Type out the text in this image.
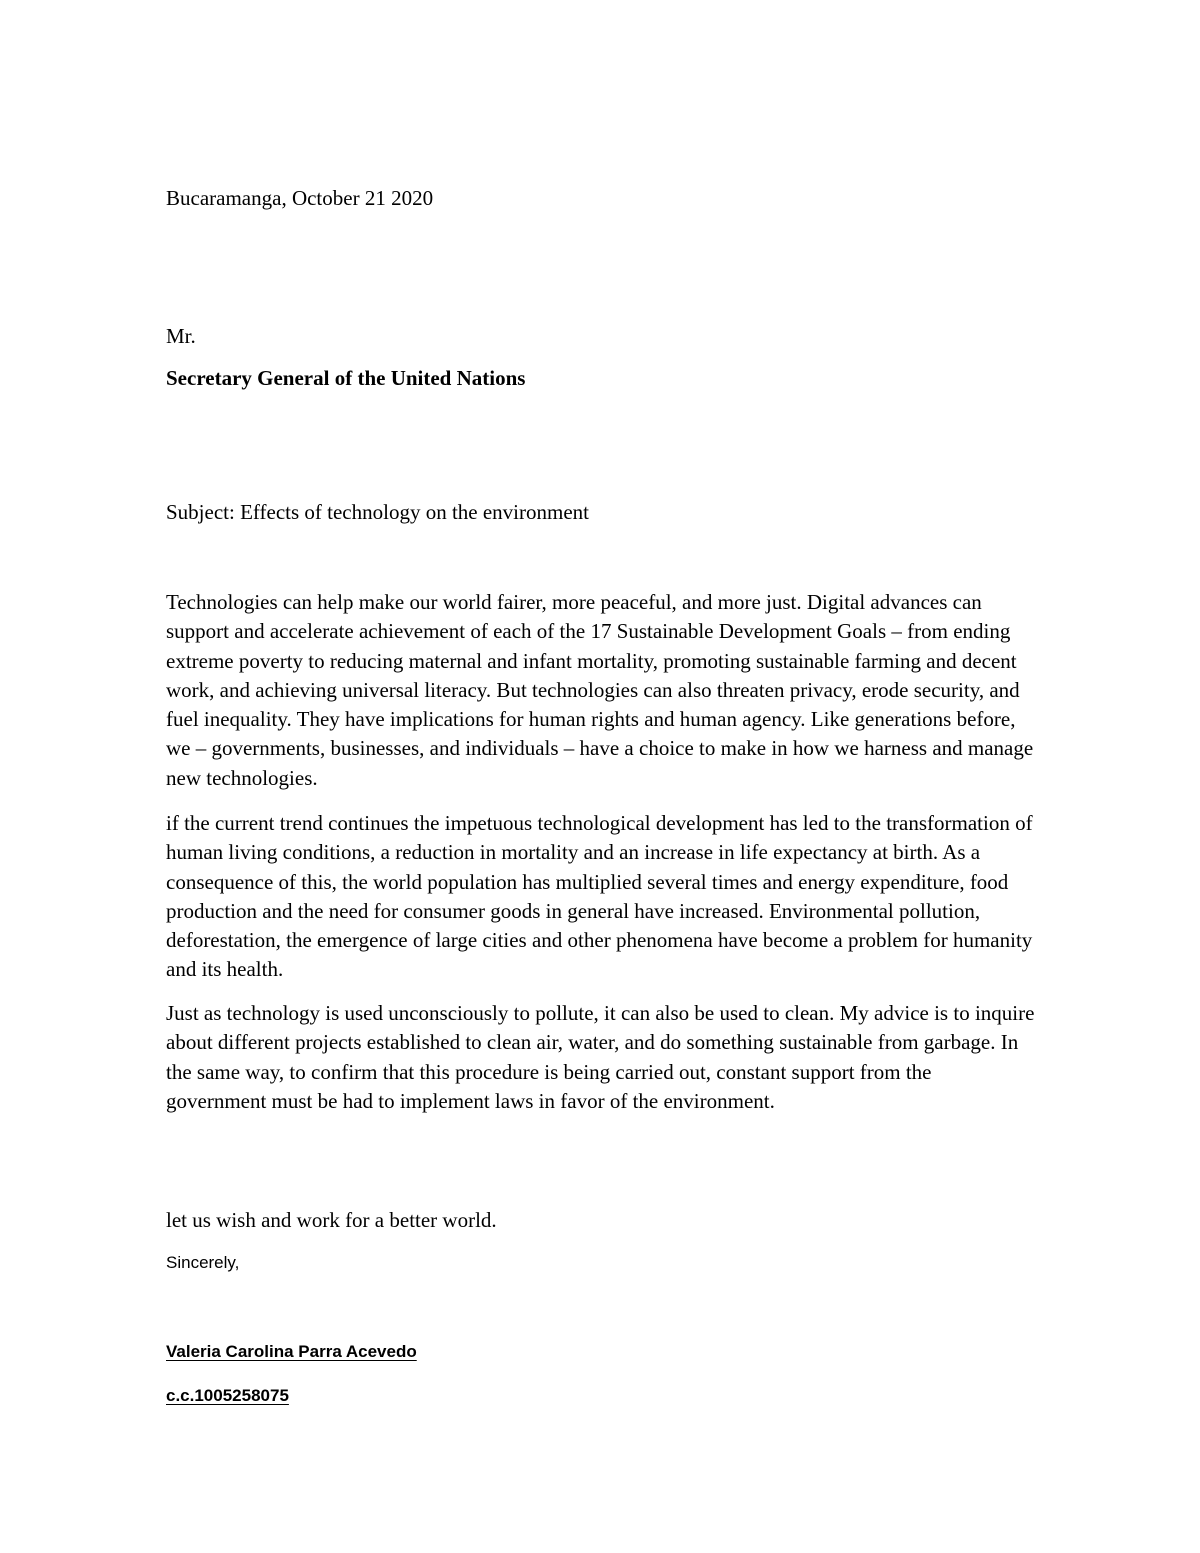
Bucaramanga, October 21 2020

Mr.

Secretary General of the United Nations

Subject: Effects of technology on the environment

Technologies can help make our world fairer, more peaceful, and more just. Digital advances can support and accelerate achievement of each of the 17 Sustainable Development Goals – from ending extreme poverty to reducing maternal and infant mortality, promoting sustainable farming and decent work, and achieving universal literacy. But technologies can also threaten privacy, erode security, and fuel inequality. They have implications for human rights and human agency. Like generations before, we – governments, businesses, and individuals – have a choice to make in how we harness and manage new technologies.

if the current trend continues the impetuous technological development has led to the transformation of human living conditions, a reduction in mortality and an increase in life expectancy at birth. As a consequence of this, the world population has multiplied several times and energy expenditure, food production and the need for consumer goods in general have increased. Environmental pollution, deforestation, the emergence of large cities and other phenomena have become a problem for humanity and its health.

Just as technology is used unconsciously to pollute, it can also be used to clean. My advice is to inquire about different projects established to clean air, water, and do something sustainable from garbage. In the same way, to confirm that this procedure is being carried out, constant support from the government must be had to implement laws in favor of the environment.

let us wish and work for a better world.

Sincerely,

Valeria Carolina Parra Acevedo

c.c.1005258075
